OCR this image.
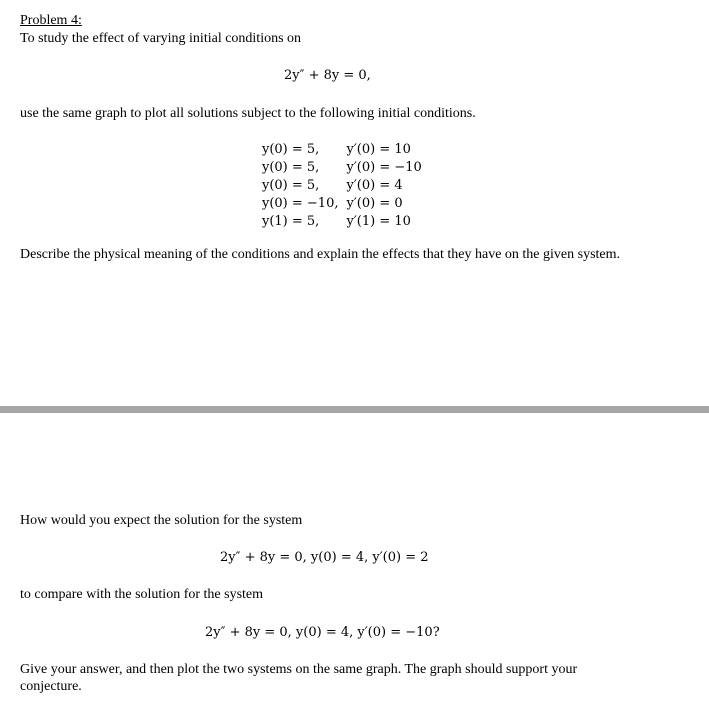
Problem 4:
To study the effect of varying initial conditions on
2y″ + 8y = 0,
use the same graph to plot all solutions subject to the following initial conditions.
y(0) = 5,	y′(0) = 10
y(0) = 5,	y′(0) = −10
y(0) = 5,	y′(0) = 4
y(0) = −10,	y′(0) = 0
y(1) = 5,	y′(1) = 10
Describe the physical meaning of the conditions and explain the effects that they have on the given system.
How would you expect the solution for the system
2y″ + 8y = 0, y(0) = 4, y′(0) = 2
to compare with the solution for the system
2y″ + 8y = 0, y(0) = 4, y′(0) = −10?
Give your answer, and then plot the two systems on the same graph. The graph should support your conjecture.
